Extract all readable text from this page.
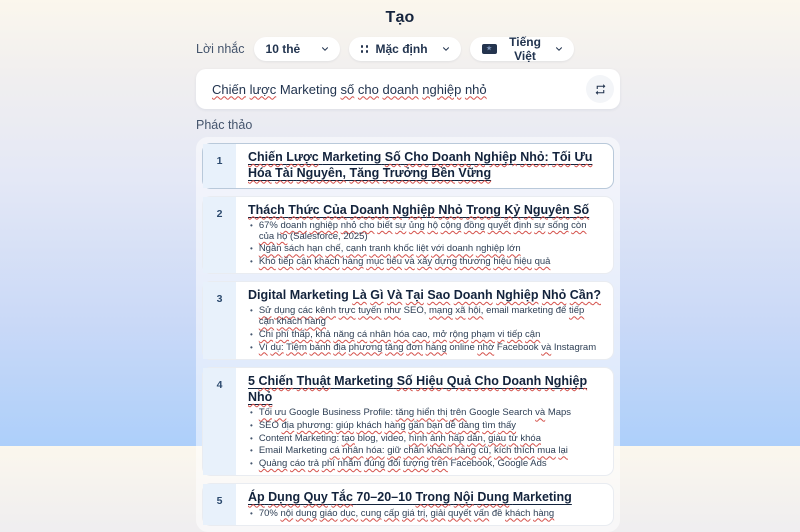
Tạo
Lời nhắc 10 thẻ	Mặc định	★	Tiếng Việt
Chiến lược Marketing số cho doanh nghiệp nhỏ
Phác thảo
1	Chiến Lược Marketing Số Cho Doanh Nghiệp Nhỏ: Tối Ưu Hóa Tài Nguyên, Tăng Trưởng Bền Vững
2	Thách Thức Của Doanh Nghiệp Nhỏ Trong Kỷ Nguyên Số
• 67% doanh nghiệp nhỏ cho biết sự ủng hộ cộng đồng quyết định sự sống còn của họ (Salesforce, 2025)
• Ngân sách hạn chế, cạnh tranh khốc liệt với doanh nghiệp lớn
• Khó tiếp cận khách hàng mục tiêu và xây dựng thương hiệu hiệu quả
3	Digital Marketing Là Gì Và Tại Sao Doanh Nghiệp Nhỏ Cần?
• Sử dụng các kênh trực tuyến như SEO, mạng xã hội, email marketing để tiếp cận khách hàng
• Chi phí thấp, khả năng cá nhân hóa cao, mở rộng phạm vi tiếp cận
• Ví dụ: Tiệm bánh địa phương tăng đơn hàng online nhờ Facebook và Instagram
4	5 Chiến Thuật Marketing Số Hiệu Quả Cho Doanh Nghiệp Nhỏ
• Tối ưu Google Business Profile: tăng hiển thị trên Google Search và Maps
• SEO địa phương: giúp khách hàng gần bạn dễ dàng tìm thấy
• Content Marketing: tạo blog, video, hình ảnh hấp dẫn, giàu từ khóa
• Email Marketing cá nhân hóa: giữ chân khách hàng cũ, kích thích mua lại
• Quảng cáo trả phí nhắm đúng đối tượng trên Facebook, Google Ads
5	Áp Dụng Quy Tắc 70–20–10 Trong Nội Dung Marketing
• 70% nội dung giáo dục, cung cấp giá trị, giải quyết vấn đề khách hàng
